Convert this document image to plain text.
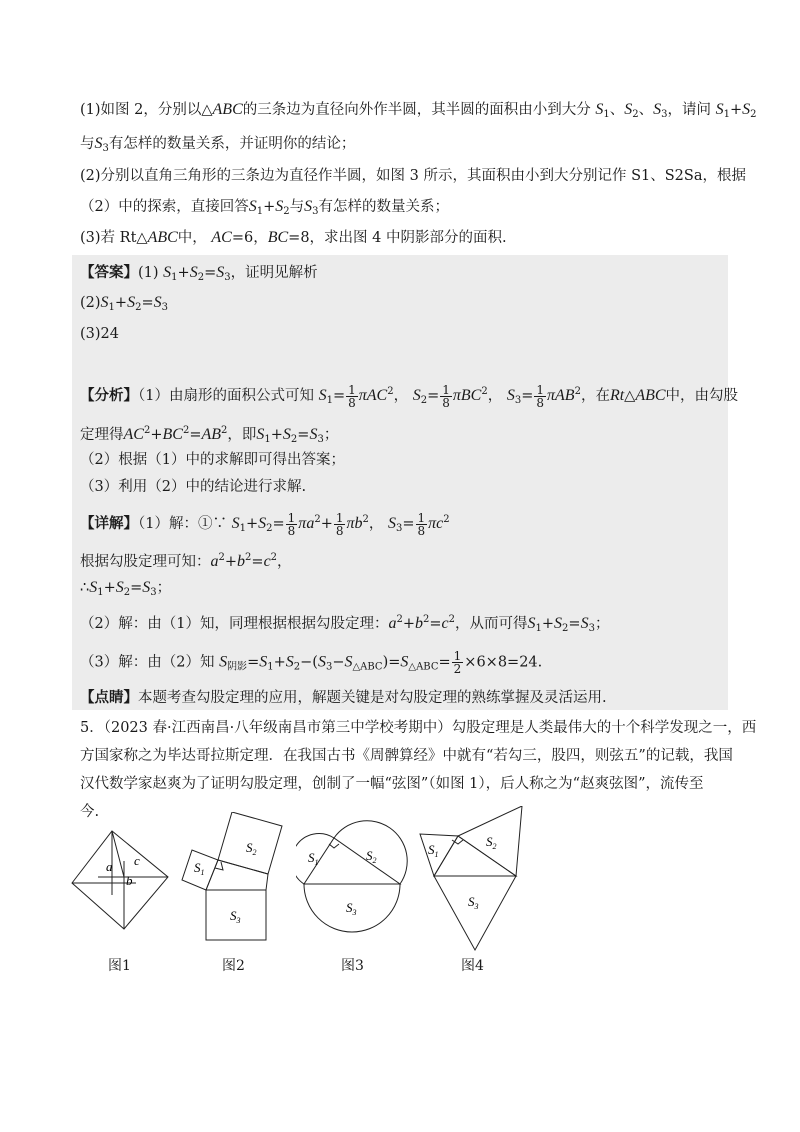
(1)如图 2，分别以△ABC的三条边为直径向外作半圆，其半圆的面积由小到大分 $S_1$、$S_2$、$S_3$，请问 $S_1+S_2$
与$S_3$有怎样的数量关系，并证明你的结论；
(2)分别以直角三角形的三条边为直径作半圆，如图 3 所示，其面积由小到大分别记作 S1、S2Sa，根据
（2）中的探索，直接回答$S_1+S_2$与$S_3$有怎样的数量关系；
(3)若 Rt△ABC中， AC=6，BC=8，求出图 4 中阴影部分的面积.
【答案】(1) $S_1+S_2=S_3$，证明见解析
$(2)S_1+S_2=S_3$
(3)24
【分析】（1）由扇形的面积公式可知 $S_1= \frac{1}{8} \pi AC^2$， $S_2= \frac{1}{8} \pi BC^2$， $S_3= \frac{1}{8} \pi AB^2$，在Rt△ABC中，由勾股
定理得$AC^2+BC^2=AB^2$，即$S_1+S_2=S_3$；
（2）根据（1）中的求解即可得出答案；
（3）利用（2）中的结论进行求解.
【详解】（1）解：①∵ $S_1+S_2= \frac{1}{8} \pi a^2+ \frac{1}{8} \pi b^2$， $S_3= \frac{1}{8} \pi c^2$
根据勾股定理可知：$a^2+b^2=c^2$，
$\therefore S_1+S_2=S_3$；
（2）解：由（1）知，同理根据根据勾股定理：$a^2+b^2=c^2$，从而可得$S_1+S_2=S_3$；
（3）解：由（2）知 $S_{阴影}=S_1+S_2-(S_3-S_{\triangle ABC})=S_{\triangle ABC}= \frac{1}{2} \times 6\times 8=24$.
【点睛】本题考查勾股定理的应用，解题关键是对勾股定理的熟练掌握及灵活运用.
5．（2023 春·江西南昌·八年级南昌市第三中学校考期中）勾股定理是人类最伟大的十个科学发现之一，西
方国家称之为毕达哥拉斯定理．在我国古书《周髀算经》中就有“若勾三，股四，则弦五”的记载，我国
汉代数学家赵爽为了证明勾股定理，创制了一幅“弦图”（如图 1），后人称之为“赵爽弦图”，流传至
今.
a
b
c
图1
$S_1$
$S_2$
$S_3$
图2
$S_1$	$S_2$
$S_3$
图3
$S_1$
$S_2$
$S_3$
图4
